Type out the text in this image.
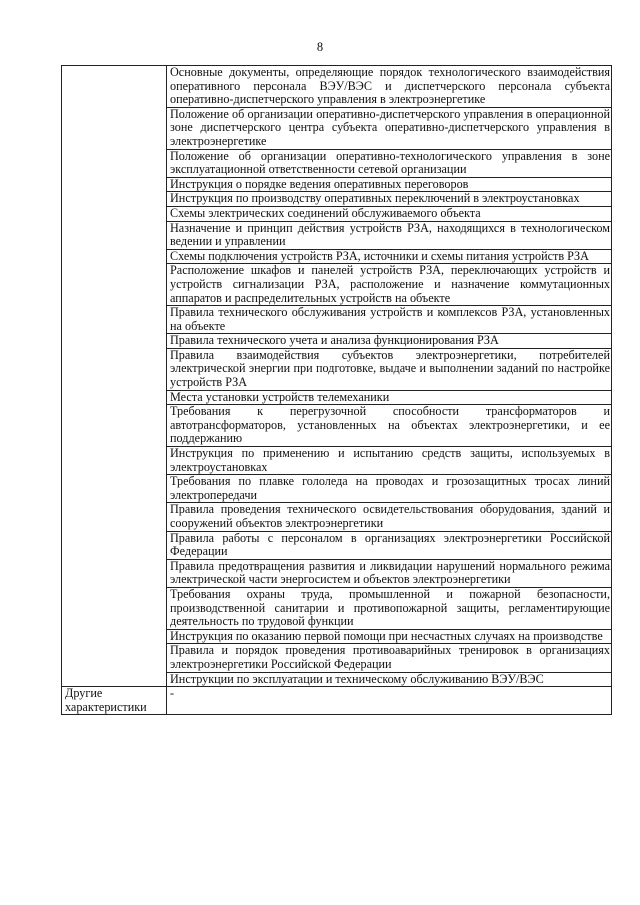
8
	Основные документы, определяющие порядок технологического взаимодействия оперативного персонала ВЭУ/ВЭС и диспетчерского персонала субъекта оперативно-диспетчерского управления в электроэнергетике
	Положение об организации оперативно-диспетчерского управления в операционной зоне диспетчерского центра субъекта оперативно-диспетчерского управления в электроэнергетике
	Положение об организации оперативно-технологического управления в зоне эксплуатационной ответственности сетевой организации
	Инструкция о порядке ведения оперативных переговоров
	Инструкция по производству оперативных переключений в электроустановках
	Схемы электрических соединений обслуживаемого объекта
	Назначение и принцип действия устройств РЗА, находящихся в технологическом ведении и управлении
	Схемы подключения устройств РЗА, источники и схемы питания устройств РЗА
	Расположение шкафов и панелей устройств РЗА, переключающих устройств и устройств сигнализации РЗА, расположение и назначение коммутационных аппаратов и распределительных устройств на объекте
	Правила технического обслуживания устройств и комплексов РЗА, установленных на объекте
	Правила технического учета и анализа функционирования РЗА
	Правила взаимодействия субъектов электроэнергетики, потребителей электрической энергии при подготовке, выдаче и выполнении заданий по настройке устройств РЗА
	Места установки устройств телемеханики
	Требования к перегрузочной способности трансформаторов и автотрансформаторов, установленных на объектах электроэнергетики, и ее поддержанию
	Инструкция по применению и испытанию средств защиты, используемых в электроустановках
	Требования по плавке гололеда на проводах и грозозащитных тросах линий электропередачи
	Правила проведения технического освидетельствования оборудования, зданий и сооружений объектов электроэнергетики
	Правила работы с персоналом в организациях электроэнергетики Российской Федерации
	Правила предотвращения развития и ликвидации нарушений нормального режима электрической части энергосистем и объектов электроэнергетики
	Требования охраны труда, промышленной и пожарной безопасности, производственной санитарии и противопожарной защиты, регламентирующие деятельность по трудовой функции
	Инструкция по оказанию первой помощи при несчастных случаях на производстве
	Правила и порядок проведения противоаварийных тренировок в организациях электроэнергетики Российской Федерации
	Инструкции по эксплуатации и техническому обслуживанию ВЭУ/ВЭС
Другие характеристики	-
